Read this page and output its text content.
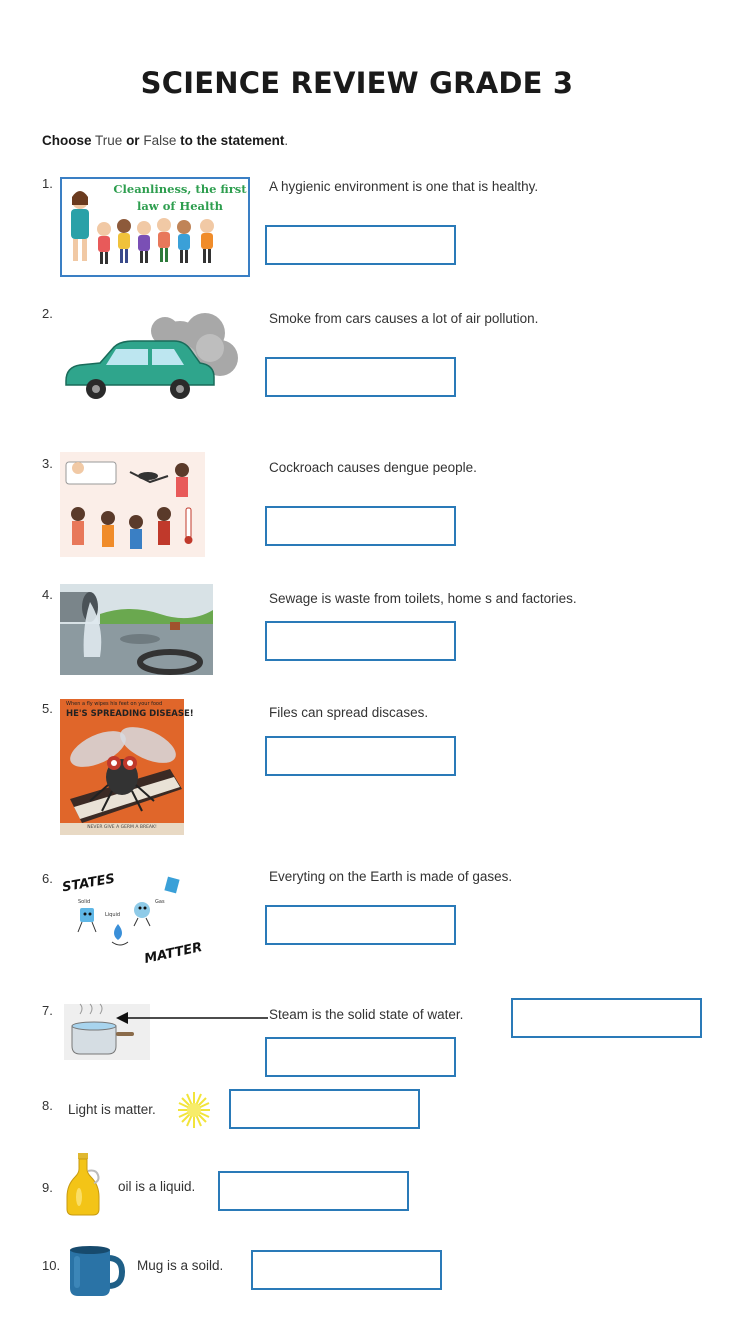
SCIENCE REVIEW GRADE 3
Choose True or False to the statement.
1.	Cleanliness, the first
law of Health
A hygienic environment is one that is healthy.
2.	Smoke from cars causes a lot of air pollution.
3.	Cockroach causes dengue people.
4.	Sewage is waste from toilets, home s and factories.
5.	When a fly wipes his feet on your food
HE'S SPREADING DISEASE!
NEVER GIVE A GERM A BREAK!
Files can spread discases.
6. STATES
Solid
Liquid
Gas
MATTER
Everyting on the Earth is made of gases.
7.	Steam is the solid state of water.
8. Light is matter.
9.	oil is a liquid.
10.	Mug is a soild.
